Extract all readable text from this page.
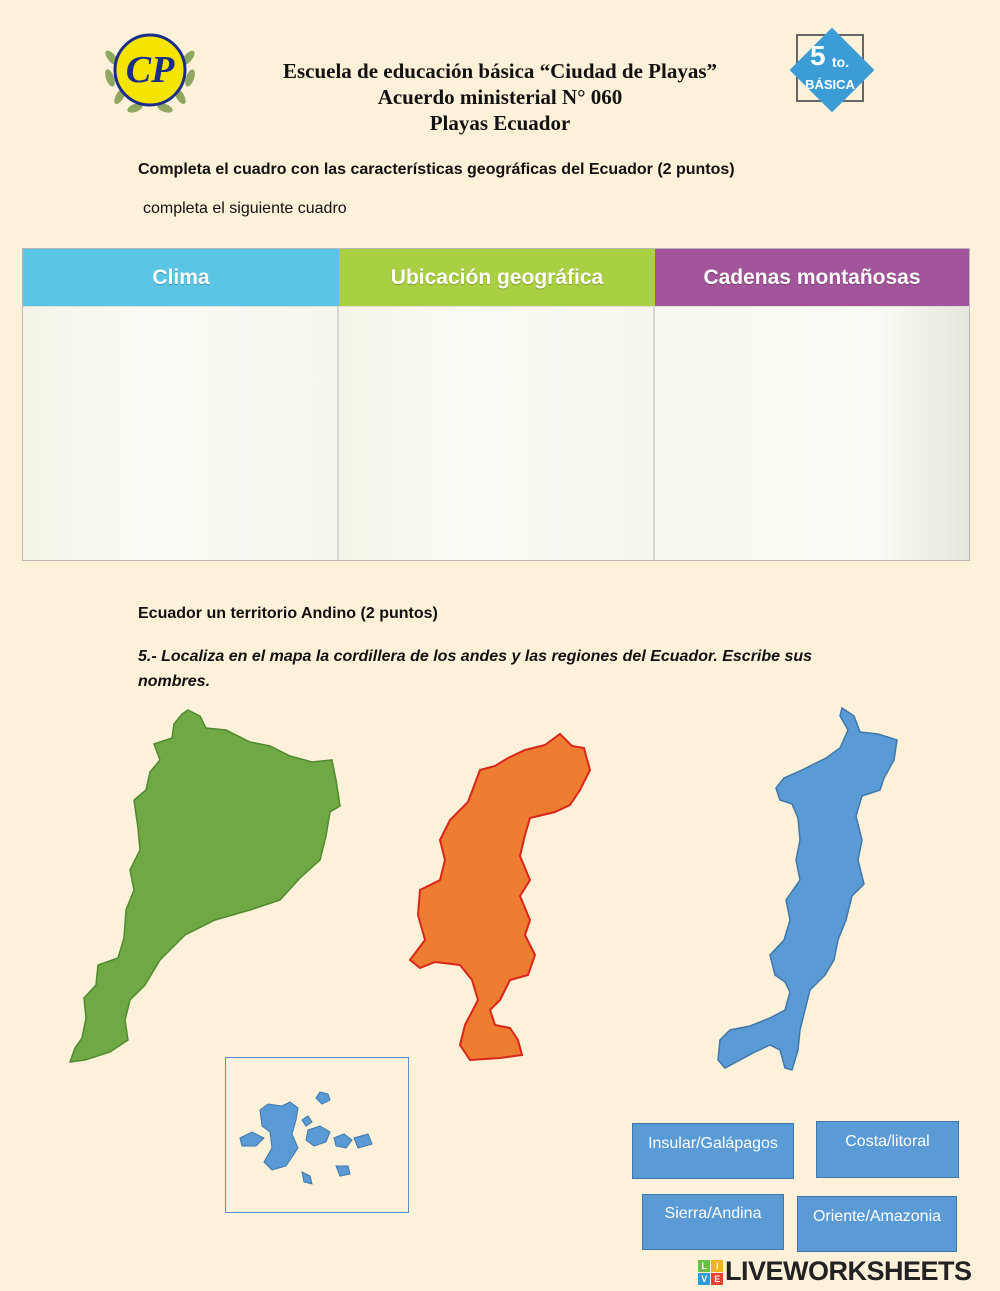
CP	Escuela de educación básica “Ciudad de Playas”
Acuerdo ministerial N° 060
Playas Ecuador
5 to.
BÁSICA
Completa el cuadro con las características geográficas del Ecuador (2 puntos)
completa el siguiente cuadro
Clima	Ubicación geográfica	Cadenas montañosas
Ecuador un territorio Andino (2 puntos)
5.- Localiza en el mapa la cordillera de los andes y las regiones del Ecuador. Escribe sus nombres.
Insular/Galápagos	Costa/litoral
Sierra/Andina	Oriente/Amazonia
L	I
V E LIVEWORKSHEETS
